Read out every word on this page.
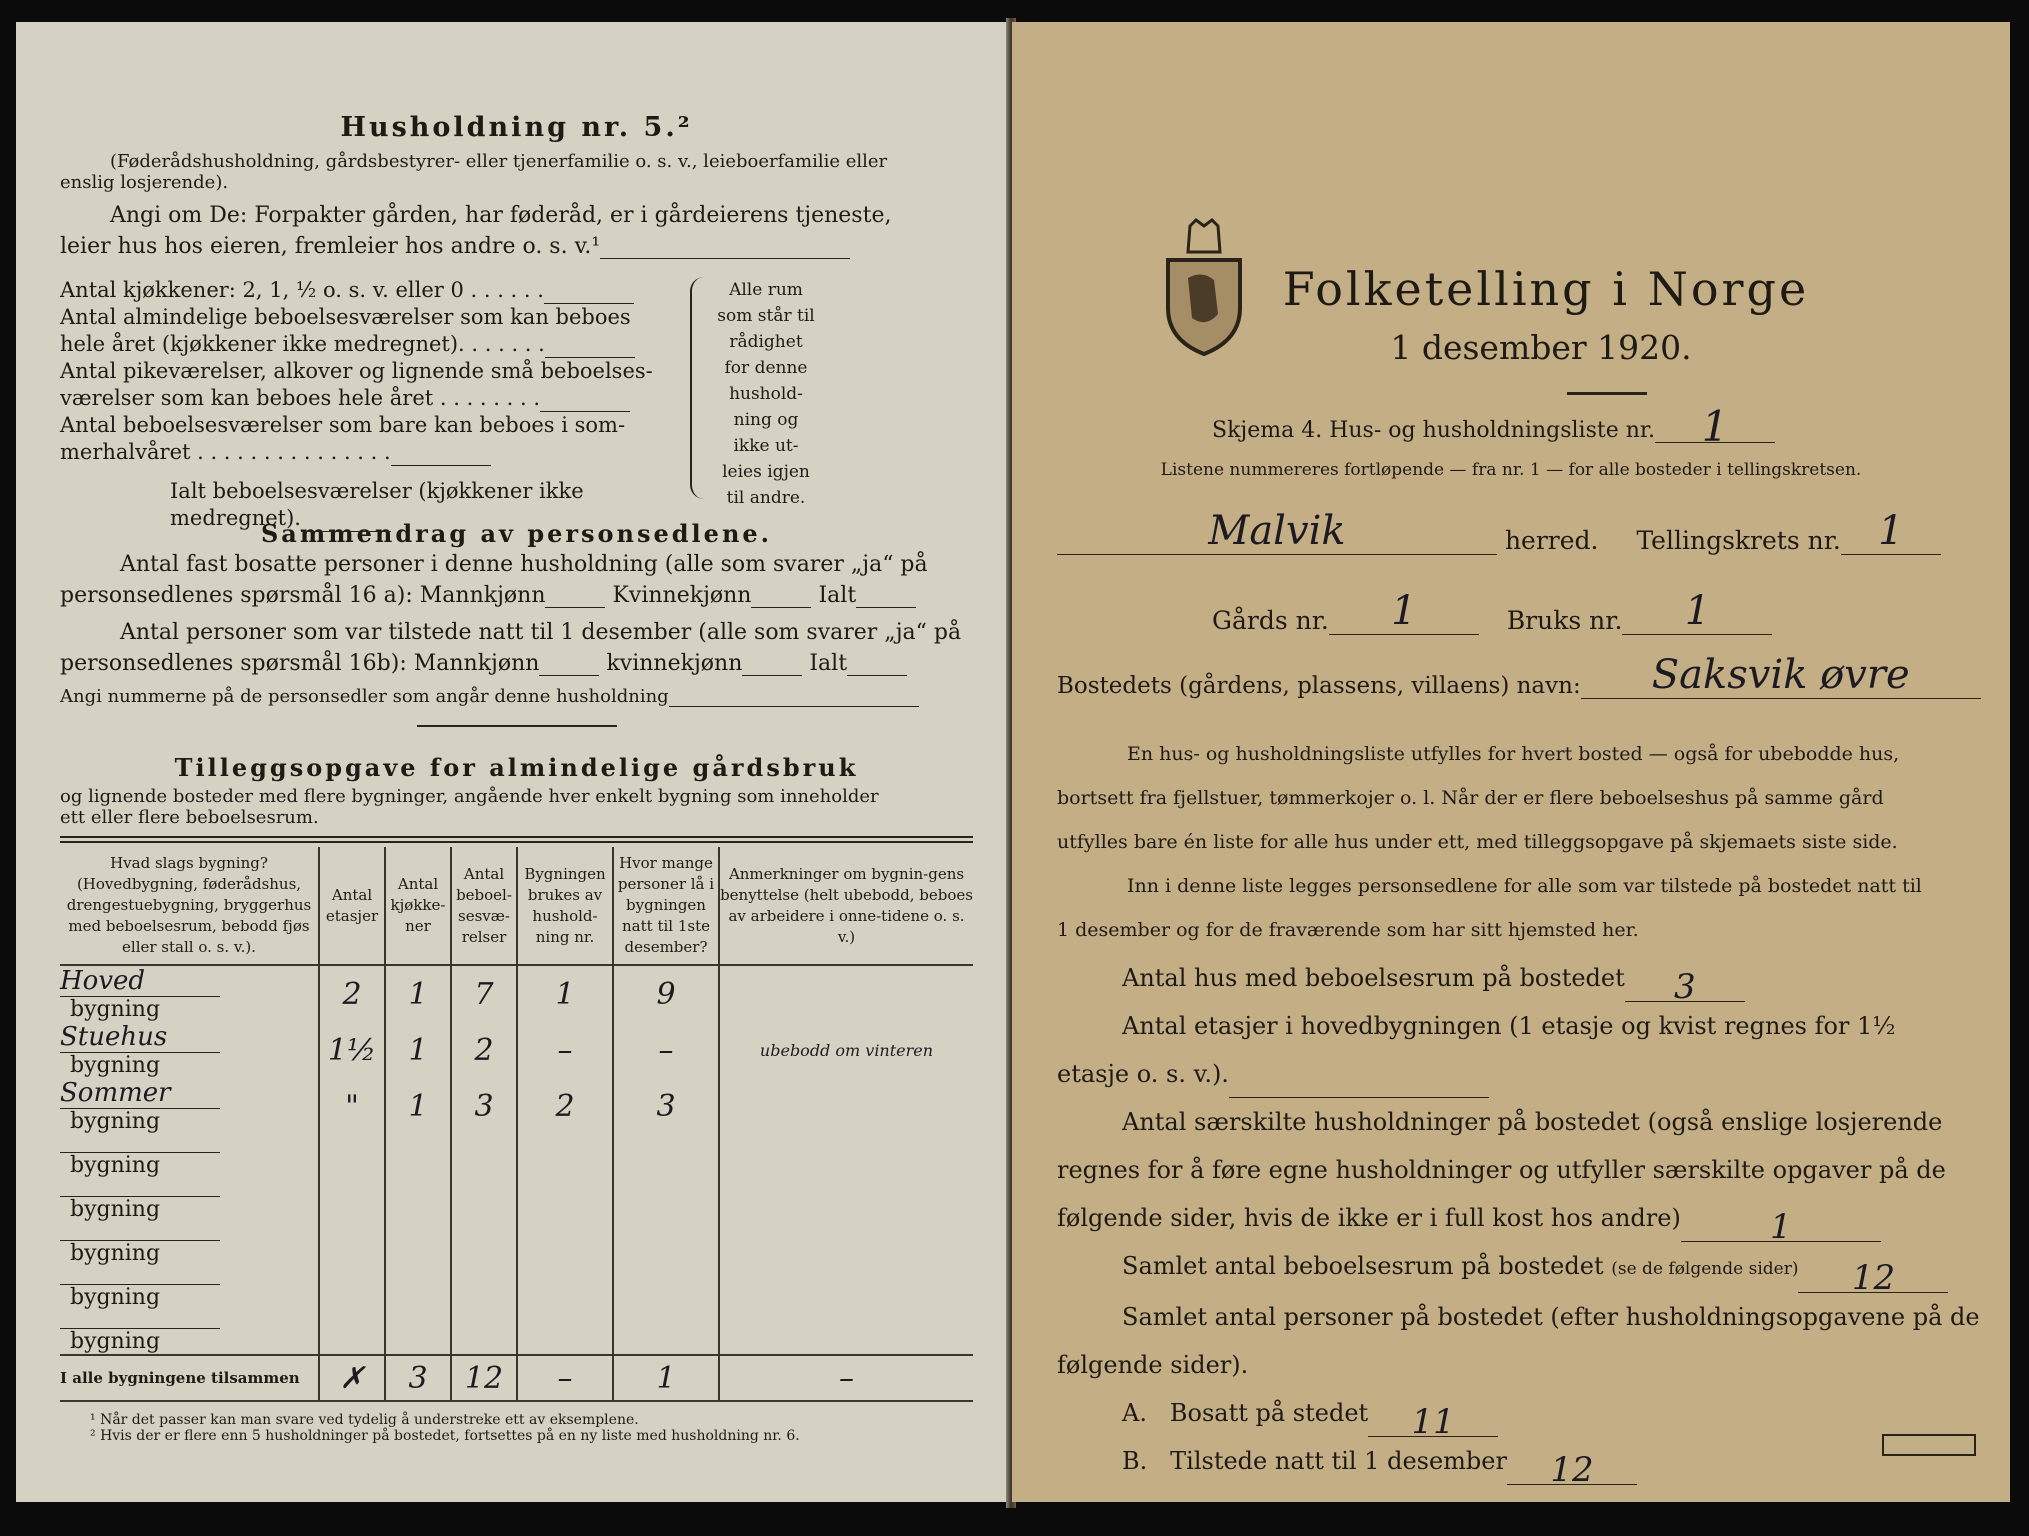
Husholdning nr. 5.²
(Føderådshusholdning, gårdsbestyrer- eller tjenerfamilie o. s. v., leieboerfamilie eller
enslig losjerende).
Angi om De: Forpakter gården, har føderåd, er i gårdeierens tjeneste,
leier hus hos eieren, fremleier hos andre o. s. v.¹
Antal kjøkkener: 2, 1, ½ o. s. v. eller 0 . . . . . .
Antal almindelige beboelsesværelser som kan beboes
hele året (kjøkkener ikke medregnet). . . . . . .
Antal pikeværelser, alkover og lignende små beboelses-
værelser som kan beboes hele året . . . . . . . .
Antal beboelsesværelser som bare kan beboes i som-
merhalvåret . . . . . . . . . . . . . . .
Ialt beboelsesværelser (kjøkkener ikke medregnet).
Alle rum
som står til
rådighet
for denne
hushold-
ning og
ikke ut-
leies igjen
til andre.
Sammendrag av personsedlene.
Antal fast bosatte personer i denne husholdning (alle som svarer „ja“ på
personsedlenes spørsmål 16 a): Mannkjønn	Kvinnekjønn	Ialt
Antal personer som var tilstede natt til 1 desember (alle som svarer „ja“ på
personsedlenes spørsmål 16b): Mannkjønn	kvinnekjønn	Ialt
Angi nummerne på de personsedler som angår denne husholdning
Tilleggsopgave for almindelige gårdsbruk
og lignende bosteder med flere bygninger, angående hver enkelt bygning som inneholder
ett eller flere beboelsesrum.
Hvad slags bygning? (Hovedbygning, føderådshus, drengestuebygning, bryggerhus med beboelsesrum, bebodd fjøs eller stall o. s. v.).	Antal etasjer	Antal kjøkke-ner	Antal beboel-sesvæ-relser	Bygningen brukes av hushold-ning nr.	Hvor mange personer lå i bygningen natt til 1ste desember?	Anmerkninger om bygnin-gens benyttelse (helt ubebodd, beboes av arbeidere i onne-tidene o. s. v.)
Hovedbygning	2	1	7	1	9	
Stuehusbygning	1½	1	2	–	–	ubebodd om vinteren
Sommerbygning	"	1	3	2	3	
bygning						
bygning						
bygning						
bygning						
bygning						
I alle bygningene tilsammen	✗	3	12	–	1	–
¹ Når det passer kan man svare ved tydelig å understreke ett av eksemplene.
² Hvis der er flere enn 5 husholdninger på bostedet, fortsettes på en ny liste med husholdning nr. 6.
Folketelling i Norge
1 desember 1920.
Skjema 4. Hus- og husholdningsliste nr. 1
Listene nummereres fortløpende — fra nr. 1 — for alle bosteder i tellingskretsen.
Malvik	herred. Tellingskrets nr. 1
Gårds nr. 1	Bruks nr. 1
Bostedets (gårdens, plassens, villaens) navn: Saksvik øvre
En hus- og husholdningsliste utfylles for hvert bosted — også for ubebodde hus,
bortsett fra fjellstuer, tømmerkojer o. l. Når der er flere beboelseshus på samme gård
utfylles bare én liste for alle hus under ett, med tilleggsopgave på skjemaets siste side.
Inn i denne liste legges personsedlene for alle som var tilstede på bostedet natt til
1 desember og for de fraværende som har sitt hjemsted her.
Antal hus med beboelsesrum på bostedet 3
Antal etasjer i hovedbygningen (1 etasje og kvist regnes for 1½
etasje o. s. v.).
Antal særskilte husholdninger på bostedet (også enslige losjerende
regnes for å føre egne husholdninger og utfyller særskilte opgaver på de
følgende sider, hvis de ikke er i full kost hos andre)	1
Samlet antal beboelsesrum på bostedet (se de følgende sider) 12
Samlet antal personer på bostedet (efter husholdningsopgavene på de
følgende sider).
A. Bosatt på stedet 11
B. Tilstede natt til 1 desember 12
